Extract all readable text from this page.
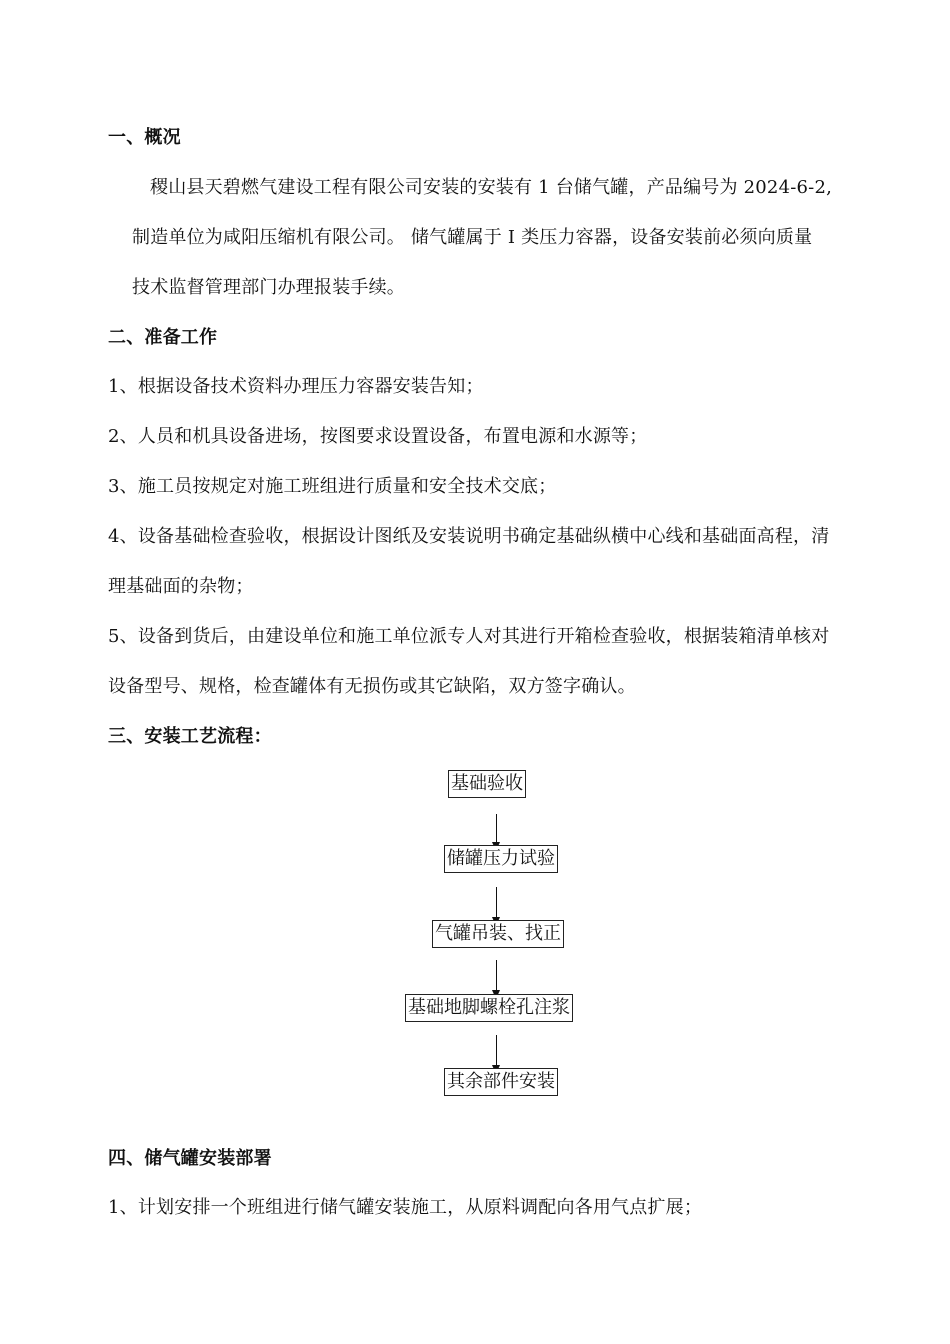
一、概况
稷山县天碧燃气建设工程有限公司安装的安装有 1 台储气罐，产品编号为 2024-6-2,
制造单位为咸阳压缩机有限公司。 储气罐属于 I 类压力容器，设备安装前必须向质量
技术监督管理部门办理报装手续。
二、准备工作
1、根据设备技术资料办理压力容器安装告知；
2、人员和机具设备进场，按图要求设置设备，布置电源和水源等；
3、施工员按规定对施工班组进行质量和安全技术交底；
4、设备基础检查验收，根据设计图纸及安装说明书确定基础纵横中心线和基础面高程，清
理基础面的杂物；
5、设备到货后，由建设单位和施工单位派专人对其进行开箱检查验收，根据装箱清单核对
设备型号、规格，检查罐体有无损伤或其它缺陷，双方签字确认。
三、安装工艺流程：
基础验收
储罐压力试验
气罐吊装、找正
基础地脚螺栓孔注浆
其余部件安装
四、储气罐安装部署
1、计划安排一个班组进行储气罐安装施工，从原料调配向各用气点扩展；
